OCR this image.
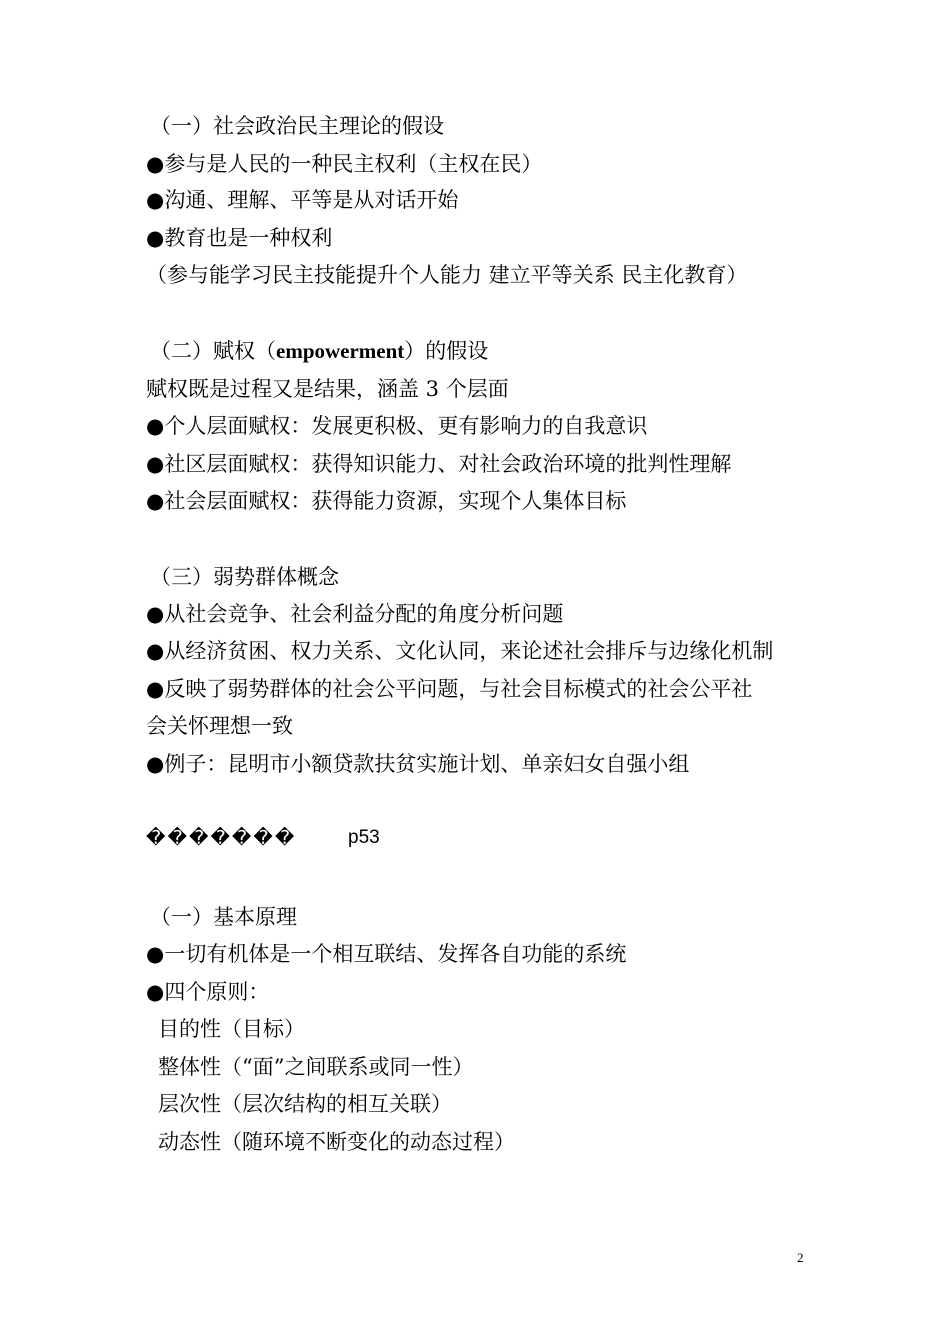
（一）社会政治民主理论的假设
●参与是人民的一种民主权利（主权在民）
●沟通、理解、平等是从对话开始
●教育也是一种权利
（参与能学习民主技能提升个人能力 建立平等关系 民主化教育）
（二）赋权（empowerment）的假设
赋权既是过程又是结果，涵盖 3 个层面
●个人层面赋权：发展更积极、更有影响力的自我意识
●社区层面赋权：获得知识能力、对社会政治环境的批判性理解
●社会层面赋权：获得能力资源，实现个人集体目标
（三）弱势群体概念
●从社会竞争、社会利益分配的角度分析问题
●从经济贫困、权力关系、文化认同，来论述社会排斥与边缘化机制
●反映了弱势群体的社会公平问题，与社会目标模式的社会公平社
会关怀理想一致
●例子：昆明市小额贷款扶贫实施计划、单亲妇女自强小组
�������	p53
（一）基本原理
●一切有机体是一个相互联结、发挥各自功能的系统
●四个原则：
目的性（目标）
整体性（“面”之间联系或同一性）
层次性（层次结构的相互关联）
动态性（随环境不断变化的动态过程）
2
